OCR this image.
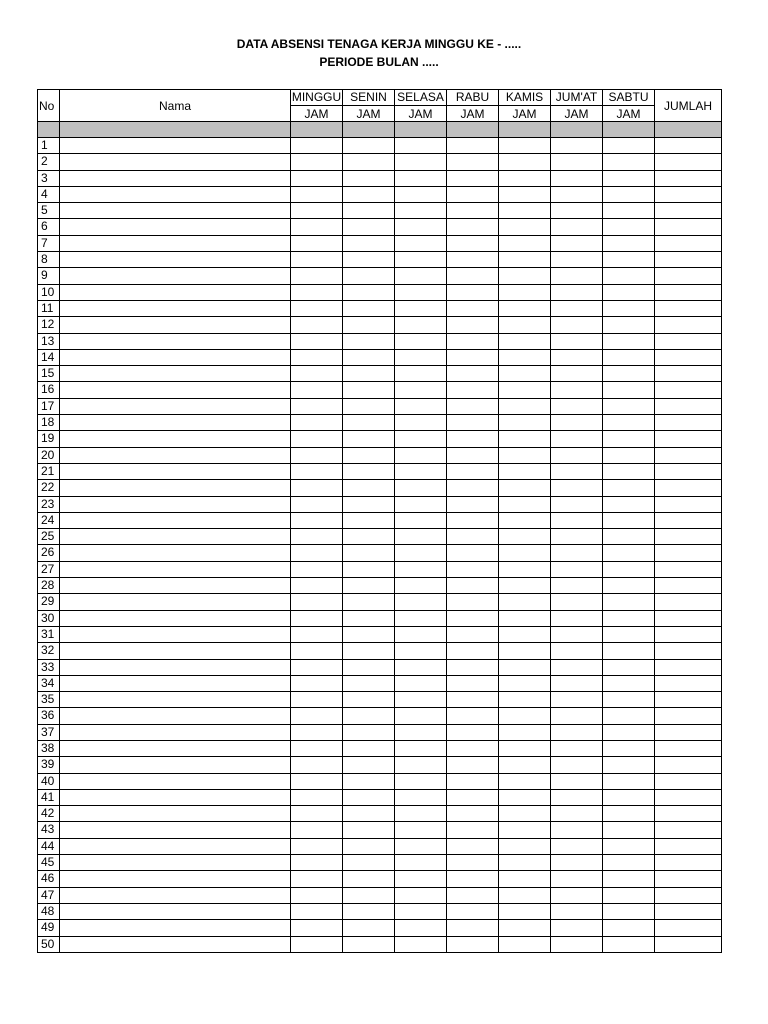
DATA ABSENSI TENAGA KERJA MINGGU KE - .....
PERIODE BULAN .....
No	Nama	MINGGU	SENIN	SELASA	RABU	KAMIS	JUM'AT	SABTU	JUMLAH
		JAM	JAM	JAM	JAM	JAM	JAM	JAM	

1									
2									
3									
4									
5									
6									
7									
8									
9									
10									
11									
12									
13									
14									
15									
16									
17									
18									
19									
20									
21									
22									
23									
24									
25									
26									
27									
28									
29									
30									
31									
32									
33									
34									
35									
36									
37									
38									
39									
40									
41									
42									
43									
44									
45									
46									
47									
48									
49									
50									
